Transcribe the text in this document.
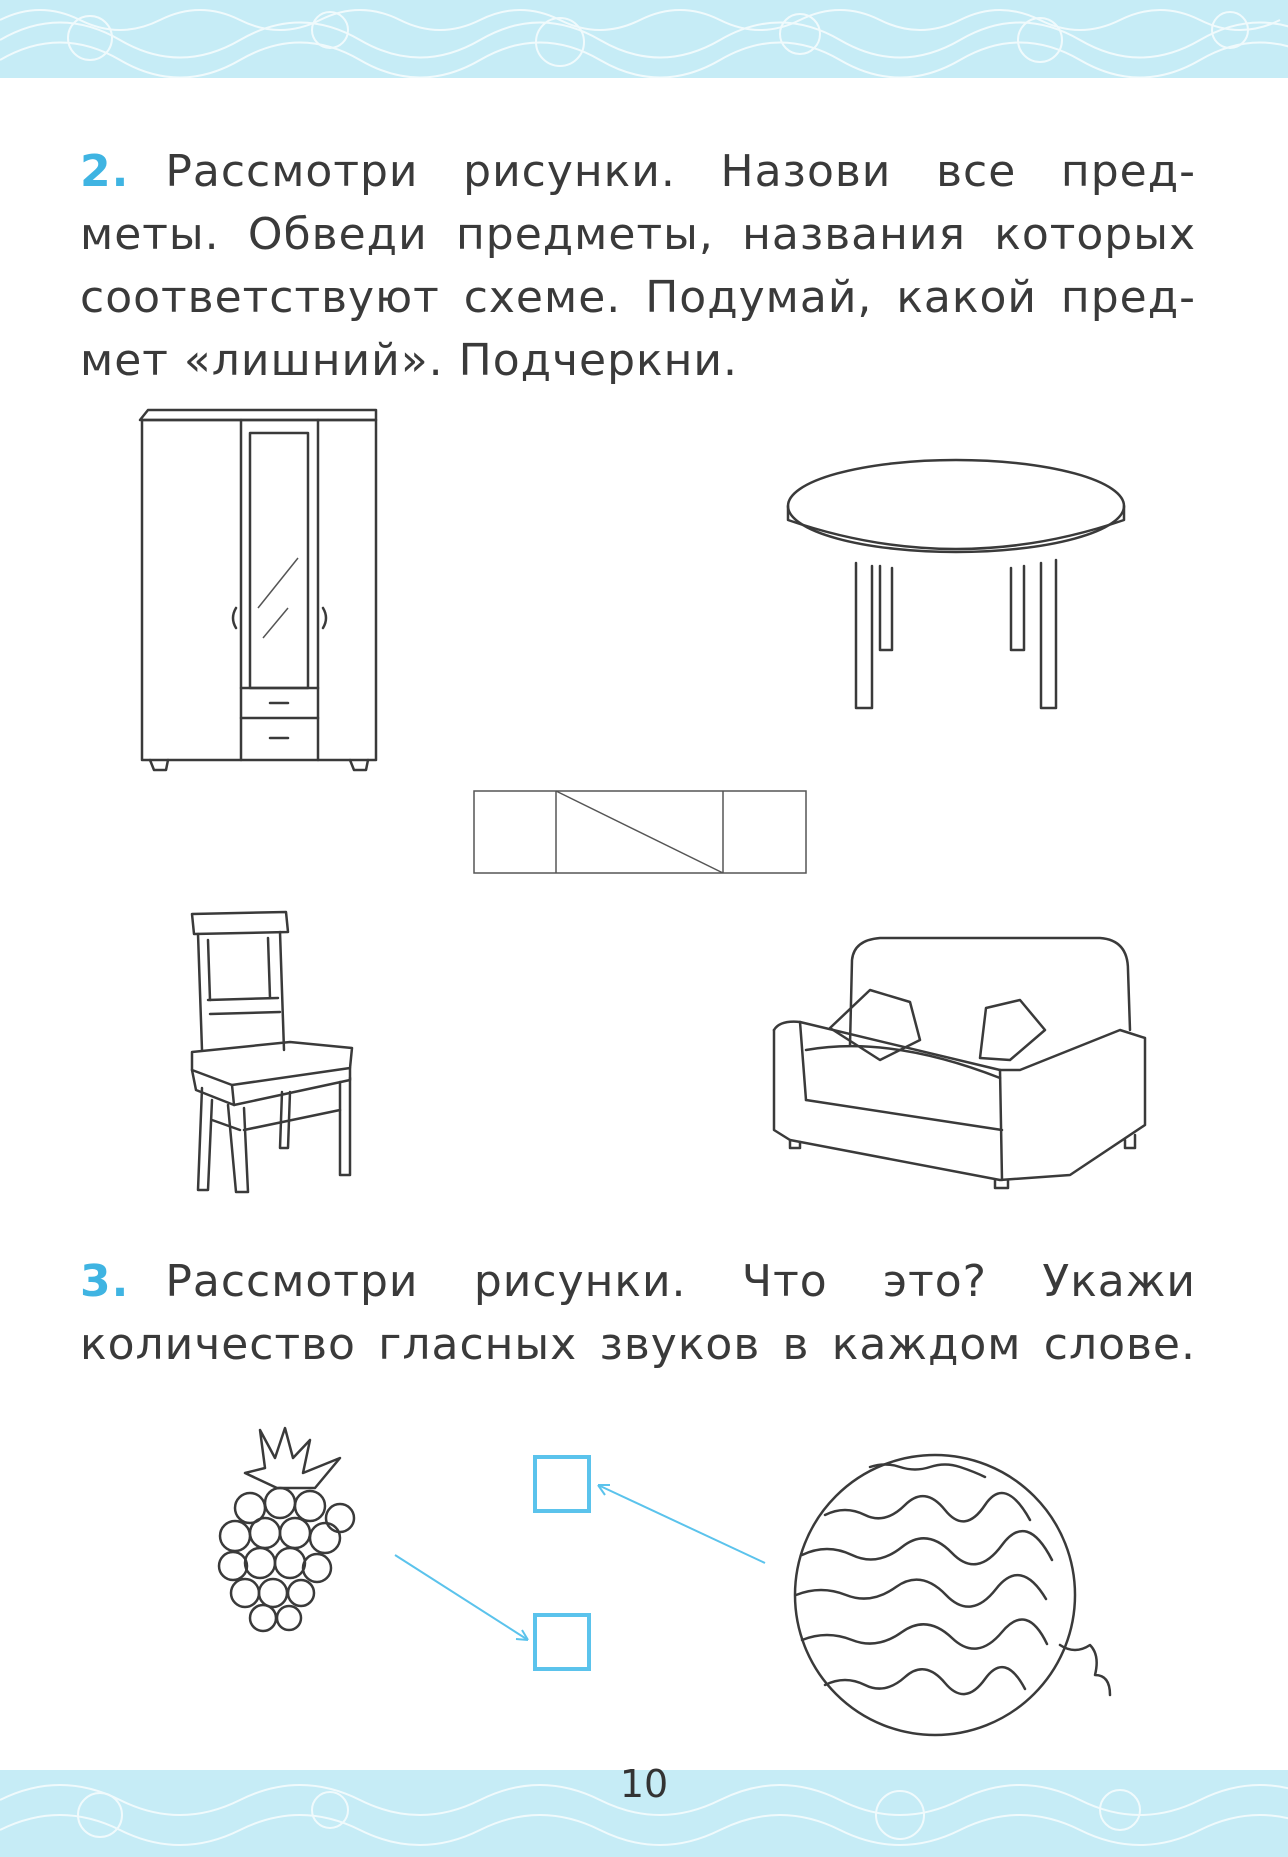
2. Рассмотри рисунки. Назови все пред-
меты. Обведи предметы, названия которых
соответствуют схеме. Подумай, какой пред-
мет «лишний». Подчеркни.
3. Рассмотри рисунки. Что это? Укажи
количество гласных звуков в каждом слове.
10
